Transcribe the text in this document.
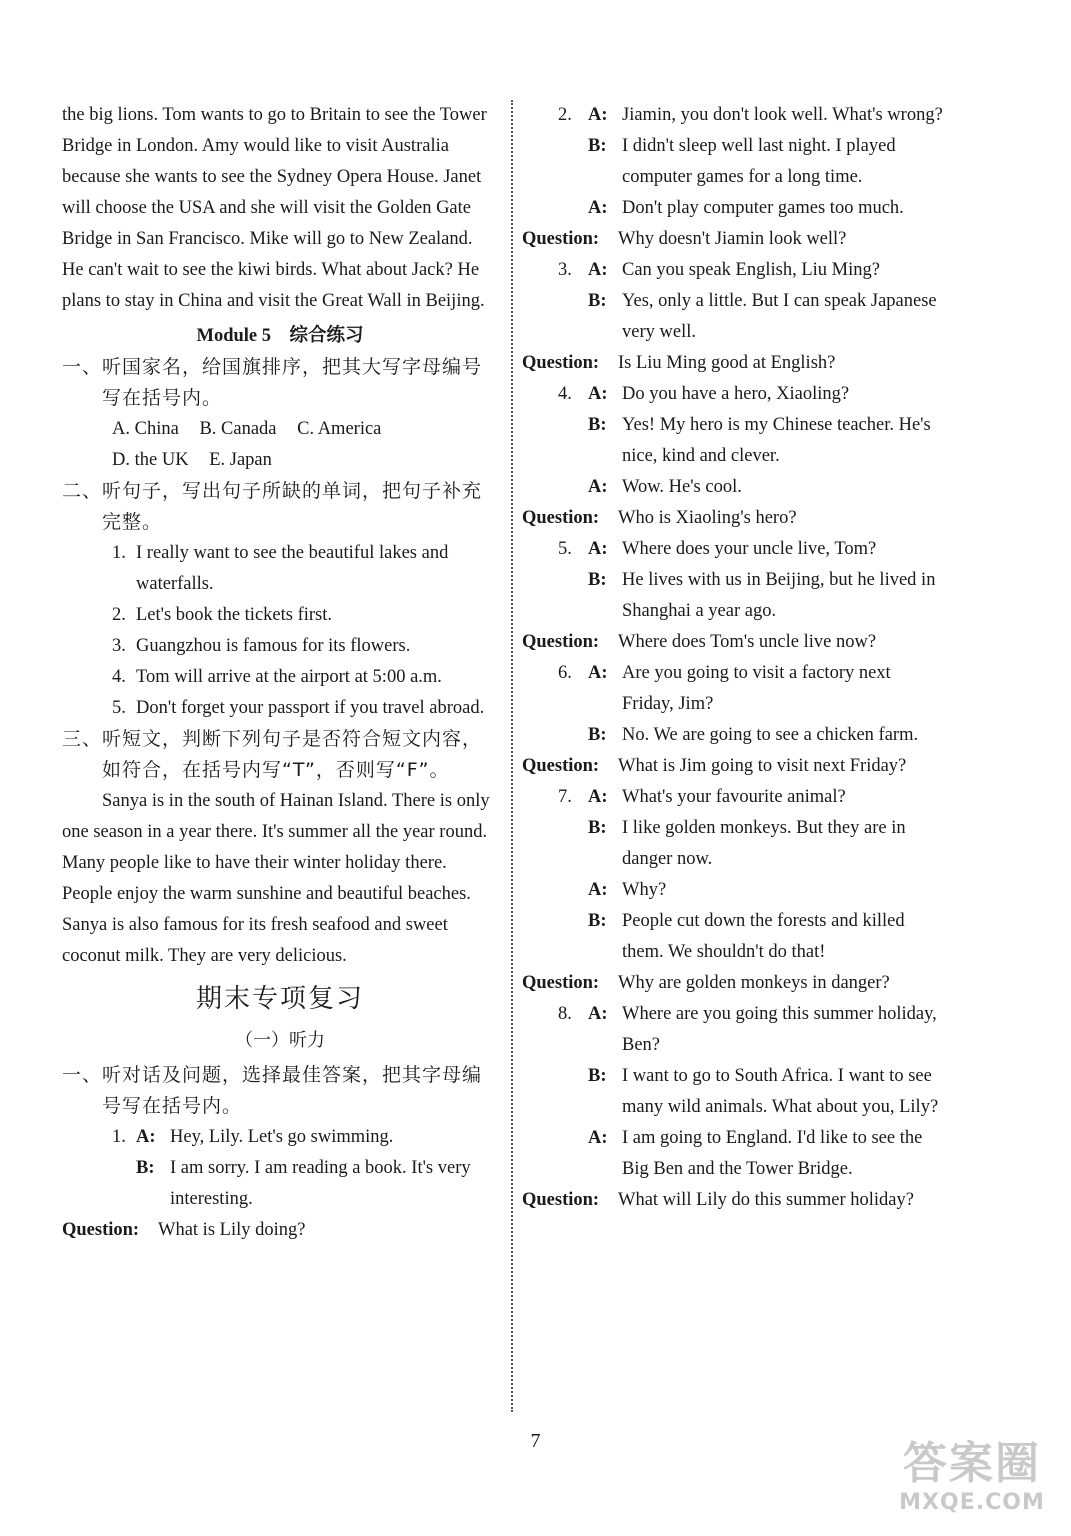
the big lions. Tom wants to go to Britain to see the Tower Bridge in London. Amy would like to visit Australia because she wants to see the Sydney Opera House. Janet will choose the USA and she will visit the Golden Gate Bridge in San Francisco. Mike will go to New Zealand. He can't wait to see the kiwi birds. What about Jack? He plans to stay in China and visit the Great Wall in Beijing.

Module 5　综合练习

一、听国家名，给国旗排序，把其大写字母编号写在括号内。

A. China B. Canada C. America
D. the UK E. Japan

二、听句子，写出句子所缺的单词，把句子补充完整。

1. I really want to see the beautiful lakes and waterfalls.
2. Let's book the tickets first.
3. Guangzhou is famous for its flowers.
4. Tom will arrive at the airport at 5:00 a.m.
5. Don't forget your passport if you travel abroad.

三、听短文，判断下列句子是否符合短文内容，如符合，在括号内写“T”，否则写“F”。

Sanya is in the south of Hainan Island. There is only one season in a year there. It's summer all the year round. Many people like to have their winter holiday there. People enjoy the warm sunshine and beautiful beaches. Sanya is also famous for its fresh seafood and sweet coconut milk. They are very delicious.

期末专项复习
（一）听力

一、听对话及问题，选择最佳答案，把其字母编号写在括号内。

1. A: Hey, Lily. Let's go swimming.
B: I am sorry. I am reading a book. It's very interesting.
Question:	What is Lily doing?
2. A: Jiamin, you don't look well. What's wrong?
B: I didn't sleep well last night. I played computer games for a long time.
A: Don't play computer games too much.
Question:	Why doesn't Jiamin look well?
3. A: Can you speak English, Liu Ming?
B: Yes, only a little. But I can speak Japanese very well.
Question:	Is Liu Ming good at English?
4. A: Do you have a hero, Xiaoling?
B: Yes! My hero is my Chinese teacher. He's nice, kind and clever.
A: Wow. He's cool.
Question:	Who is Xiaoling's hero?
5. A: Where does your uncle live, Tom?
B: He lives with us in Beijing, but he lived in Shanghai a year ago.
Question:	Where does Tom's uncle live now?
6. A: Are you going to visit a factory next Friday, Jim?
B: No. We are going to see a chicken farm.
Question:	What is Jim going to visit next Friday?
7. A: What's your favourite animal?
B: I like golden monkeys. But they are in danger now.
A: Why?
B: People cut down the forests and killed them. We shouldn't do that!
Question:	Why are golden monkeys in danger?
8. A: Where are you going this summer holiday, Ben?
B: I want to go to South Africa. I want to see many wild animals. What about you, Lily?
A: I am going to England. I'd like to see the Big Ben and the Tower Bridge.
Question:	What will Lily do this summer holiday?
7	答案圈
MXQE.COM
